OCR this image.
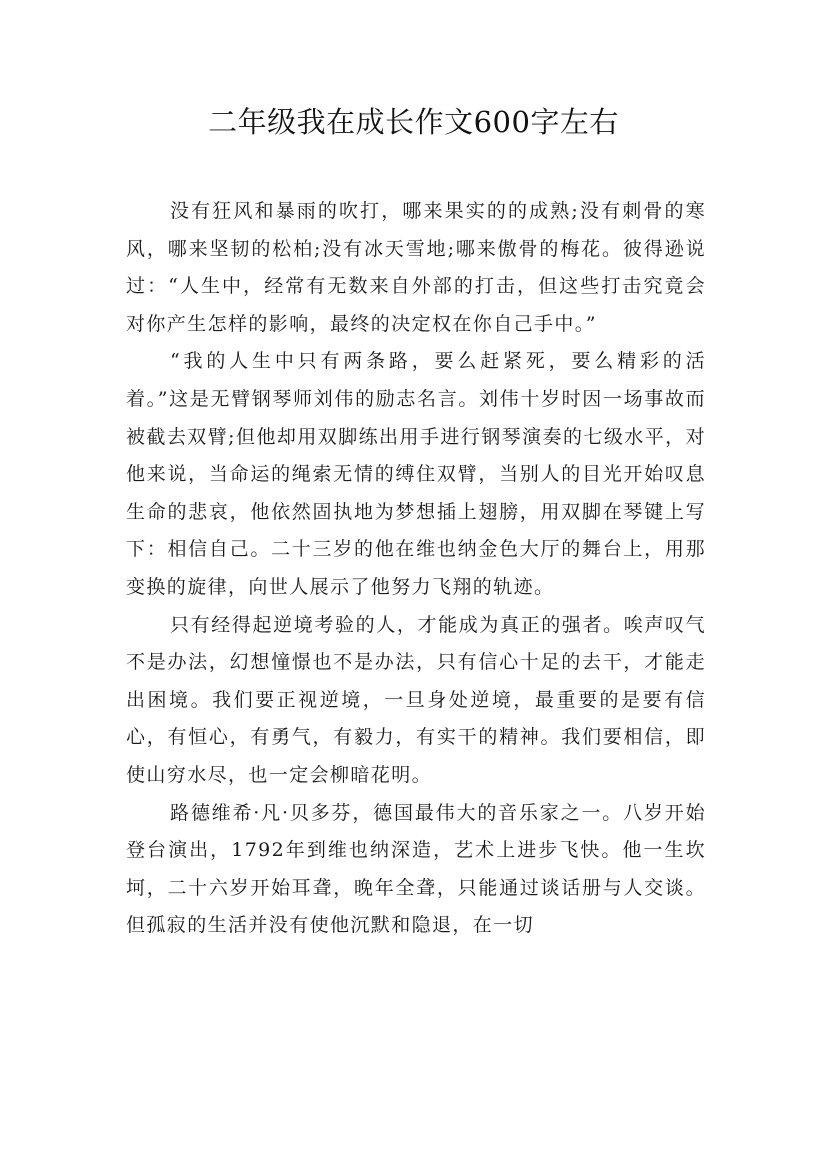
二年级我在成长作文600字左右

没有狂风和暴雨的吹打，哪来果实的的成熟;没有刺骨的寒风，哪来坚韧的松柏;没有冰天雪地;哪来傲骨的梅花。彼得逊说过：“人生中，经常有无数来自外部的打击，但这些打击究竟会对你产生怎样的影响，最终的决定权在你自己手中。”

“我的人生中只有两条路，要么赶紧死，要么精彩的活着。”这是无臂钢琴师刘伟的励志名言。刘伟十岁时因一场事故而被截去双臂;但他却用双脚练出用手进行钢琴演奏的七级水平，对他来说，当命运的绳索无情的缚住双臂，当别人的目光开始叹息生命的悲哀，他依然固执地为梦想插上翅膀，用双脚在琴键上写下：相信自己。二十三岁的他在维也纳金色大厅的舞台上，用那变换的旋律，向世人展示了他努力飞翔的轨迹。

只有经得起逆境考验的人，才能成为真正的强者。唉声叹气不是办法，幻想憧憬也不是办法，只有信心十足的去干，才能走出困境。我们要正视逆境，一旦身处逆境，最重要的是要有信心，有恒心，有勇气，有毅力，有实干的精神。我们要相信，即使山穷水尽，也一定会柳暗花明。

路德维希·凡·贝多芬，德国最伟大的音乐家之一。八岁开始登台演出，1792年到维也纳深造，艺术上进步飞快。他一生坎坷，二十六岁开始耳聋，晚年全聋，只能通过谈话册与人交谈。但孤寂的生活并没有使他沉默和隐退，在一切
